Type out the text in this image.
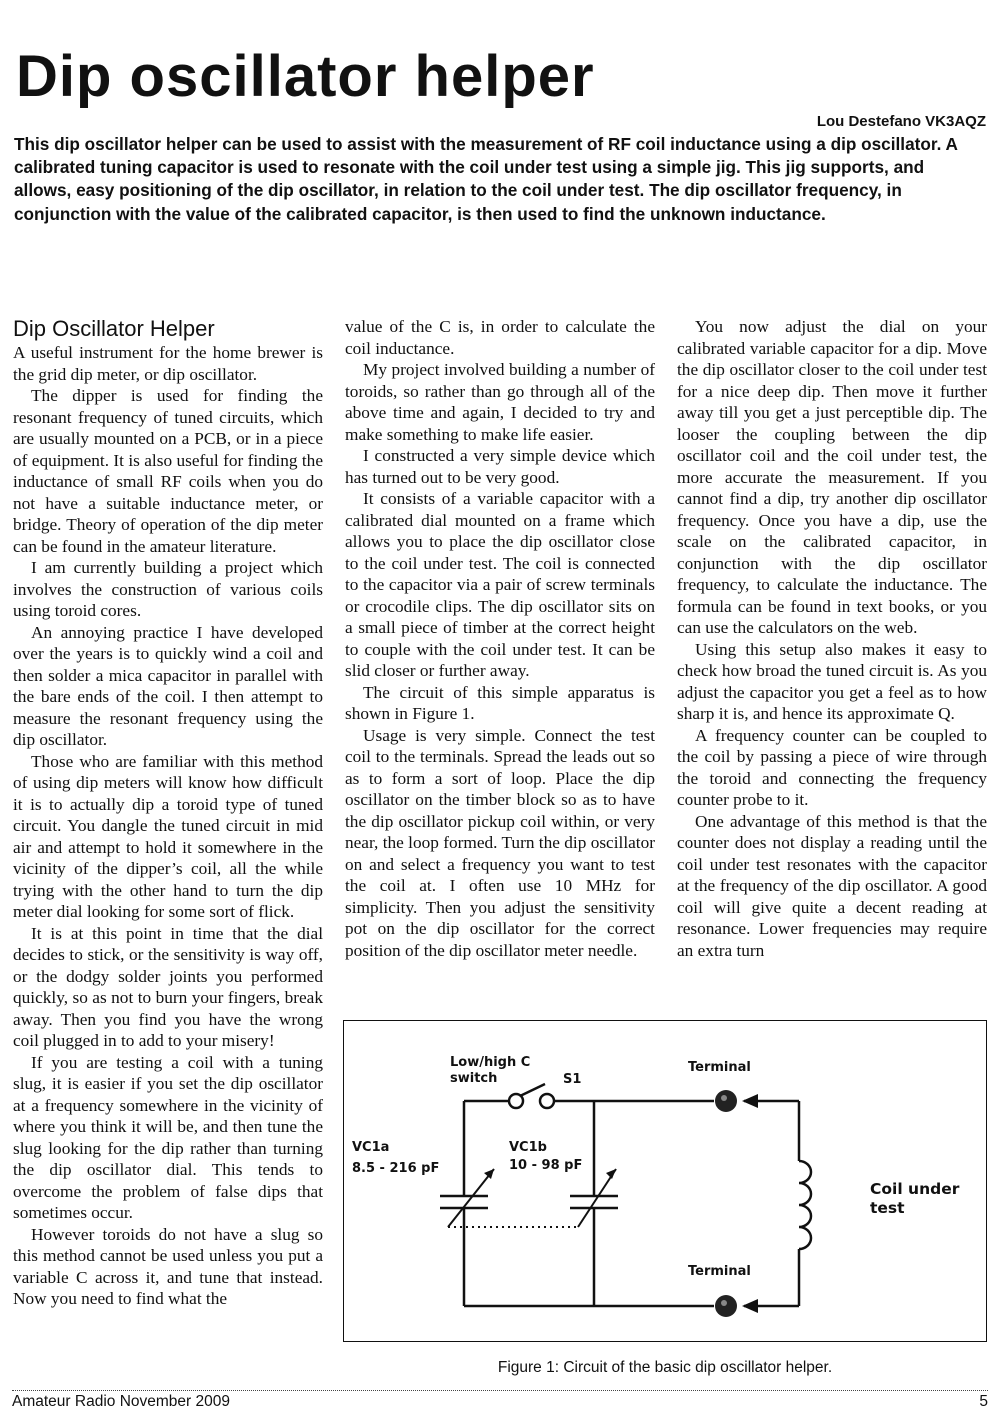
Dip oscillator helper
Lou Destefano VK3AQZ

This dip oscillator helper can be used to assist with the measurement of RF coil inductance using a dip oscillator. A calibrated tuning capacitor is used to resonate with the coil under test using a simple jig. This jig supports, and allows, easy positioning of the dip oscillator, in relation to the coil under test. The dip oscillator frequency, in conjunction with the value of the calibrated capacitor, is then used to find the unknown inductance.

Dip Oscillator Helper

A useful instrument for the home brewer is the grid dip meter, or dip oscillator.

The dipper is used for finding the resonant frequency of tuned circuits, which are usually mounted on a PCB, or in a piece of equipment. It is also useful for finding the inductance of small RF coils when you do not have a suitable inductance meter, or bridge. Theory of operation of the dip meter can be found in the amateur literature.

I am currently building a project which involves the construction of various coils using toroid cores.

An annoying practice I have developed over the years is to quickly wind a coil and then solder a mica capacitor in parallel with the bare ends of the coil. I then attempt to measure the resonant frequency using the dip oscillator.

Those who are familiar with this method of using dip meters will know how difficult it is to actually dip a toroid type of tuned circuit. You dangle the tuned circuit in mid air and attempt to hold it somewhere in the vicinity of the dipper’s coil, all the while trying with the other hand to turn the dip meter dial looking for some sort of flick.

It is at this point in time that the dial decides to stick, or the sensitivity is way off, or the dodgy solder joints you performed quickly, so as not to burn your fingers, break away. Then you find you have the wrong coil plugged in to add to your misery!

If you are testing a coil with a tuning slug, it is easier if you set the dip oscillator at a frequency somewhere in the vicinity of where you think it will be, and then tune the slug looking for the dip rather than turning the dip oscillator dial. This tends to overcome the problem of false dips that sometimes occur.

However toroids do not have a slug so this method cannot be used unless you put a variable C across it, and tune that instead. Now you need to find what the

value of the C is, in order to calculate the coil inductance.

My project involved building a number of toroids, so rather than go through all of the above time and again, I decided to try and make something to make life easier.

I constructed a very simple device which has turned out to be very good.

It consists of a variable capacitor with a calibrated dial mounted on a frame which allows you to place the dip oscillator close to the coil under test. The coil is connected to the capacitor via a pair of screw terminals or crocodile clips. The dip oscillator sits on a small piece of timber at the correct height to couple with the coil under test. It can be slid closer or further away.

The circuit of this simple apparatus is shown in Figure 1.

Usage is very simple. Connect the test coil to the terminals. Spread the leads out so as to form a sort of loop. Place the dip oscillator on the timber block so as to have the dip oscillator pickup coil within, or very near, the loop formed. Turn the dip oscillator on and select a frequency you want to test the coil at. I often use 10 MHz for simplicity. Then you adjust the sensitivity pot on the dip oscillator for the correct position of the dip oscillator meter needle.

You now adjust the dial on your calibrated variable capacitor for a dip. Move the dip oscillator closer to the coil under test for a nice deep dip. Then move it further away till you get a just perceptible dip. The looser the coupling between the dip oscillator coil and the coil under test, the more accurate the measurement. If you cannot find a dip, try another dip oscillator frequency. Once you have a dip, use the scale on the calibrated capacitor, in conjunction with the dip oscillator frequency, to calculate the inductance. The formula can be found in text books, or you can use the calculators on the web.

Using this setup also makes it easy to check how broad the tuned circuit is. As you adjust the capacitor you get a feel as to how sharp it is, and hence its approximate Q.

A frequency counter can be coupled to the coil by passing a piece of wire through the toroid and connecting the frequency counter probe to it.

One advantage of this method is that the counter does not display a reading until the coil under test resonates with the capacitor at the frequency of the dip oscillator. A good coil will give quite a decent reading at resonance. Lower frequencies may require an extra turn

Low/high C
switch	S1
VC1a
8.5 - 216 pF
VC1b
10 - 98 pF
Terminal
Terminal
Coil under
test
Figure 1: Circuit of the basic dip oscillator helper.
Amateur Radio November 2009	5
